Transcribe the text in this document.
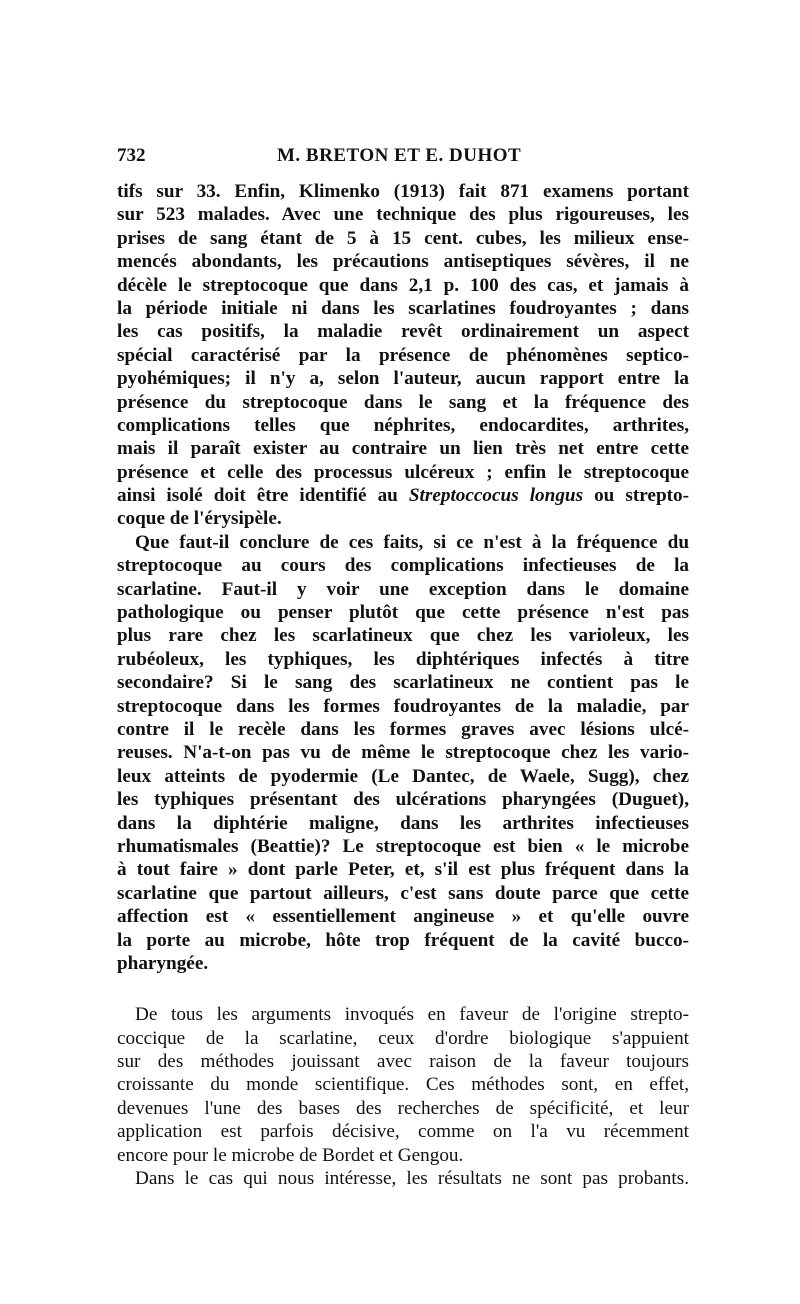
732	M. BRETON ET E. DUHOT
tifs sur 33. Enfin, Klimenko (1913) fait 871 examens portant
sur 523 malades. Avec une technique des plus rigoureuses, les
prises de sang étant de 5 à 15 cent. cubes, les milieux ense-
mencés abondants, les précautions antiseptiques sévères, il ne
décèle le streptocoque que dans 2,1 p. 100 des cas, et jamais à
la période initiale ni dans les scarlatines foudroyantes ; dans
les cas positifs, la maladie revêt ordinairement un aspect
spécial caractérisé par la présence de phénomènes septico-
pyohémiques; il n'y a, selon l'auteur, aucun rapport entre la
présence du streptocoque dans le sang et la fréquence des
complications telles que néphrites, endocardites, arthrites,
mais il paraît exister au contraire un lien très net entre cette
présence et celle des processus ulcéreux ; enfin le streptocoque
ainsi isolé doit être identifié au Streptoccocus longus ou strepto-
coque de l'érysipèle.
Que faut-il conclure de ces faits, si ce n'est à la fréquence du
streptocoque au cours des complications infectieuses de la
scarlatine. Faut-il y voir une exception dans le domaine
pathologique ou penser plutôt que cette présence n'est pas
plus rare chez les scarlatineux que chez les varioleux, les
rubéoleux, les typhiques, les diphtériques infectés à titre
secondaire? Si le sang des scarlatineux ne contient pas le
streptocoque dans les formes foudroyantes de la maladie, par
contre il le recèle dans les formes graves avec lésions ulcé-
reuses. N'a-t-on pas vu de même le streptocoque chez les vario-
leux atteints de pyodermie (Le Dantec, de Waele, Sugg), chez
les typhiques présentant des ulcérations pharyngées (Duguet),
dans la diphtérie maligne, dans les arthrites infectieuses
rhumatismales (Beattie)? Le streptocoque est bien « le microbe
à tout faire » dont parle Peter, et, s'il est plus fréquent dans la
scarlatine que partout ailleurs, c'est sans doute parce que cette
affection est « essentiellement angineuse » et qu'elle ouvre
la porte au microbe, hôte trop fréquent de la cavité bucco-
pharyngée.
De tous les arguments invoqués en faveur de l'origine strepto-
coccique de la scarlatine, ceux d'ordre biologique s'appuient
sur des méthodes jouissant avec raison de la faveur toujours
croissante du monde scientifique. Ces méthodes sont, en effet,
devenues l'une des bases des recherches de spécificité, et leur
application est parfois décisive, comme on l'a vu récemment
encore pour le microbe de Bordet et Gengou.
Dans le cas qui nous intéresse, les résultats ne sont pas probants.
